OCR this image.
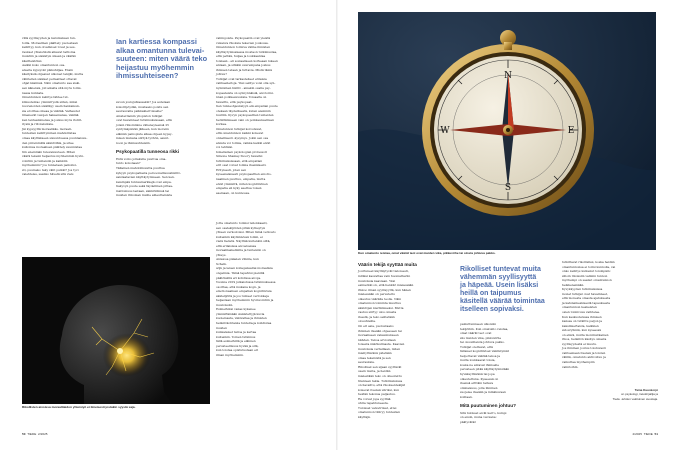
villä syyllisyyden ja katumuksen tun-
toilla. Moraalinen päättely puolestaan
kehittyy, kun olvalluiset tovat ja seu-
raukset yhteisöiistä alkavat taltioma
muistiin ja sisäistyä oikean ja väärän
käsitteistöksi.
Aaikki koko omantunnon osa-
alueita kypsyvät pikkuhiljaa. Ensin
käsityksiä ohjaavat ulkoiset tekijät, mutta
vähitellen sisäiset periaatteet ottavat
ohjat käsiinsä. Näin omatunto saa sisäi-
sen äänensä, joll aikeita sitä myös toimi-
nassa kunnata.
Omantunnon kehitys lähtee tut-
kimustentao ymmärrystä siitan, miksi
nuorenoiden sisälläyy usein hankaluuk-
sia eroittaa oikeaa ja väärää. Valheudet
limenevät vaiojen haksemansa, väärää
ken tentaanimensa ja joskus myös ristiri-
itysiä ja riitoteluiksia.
Jäi kypsyyttä moraalikäs- moraali-
tunteiden kehittyminen mahdollistaa
omaa käyttäkseen sisuuntuessa puunnaisuu-
den piiremmillä sääntöihiä, ja sitae
kulloinsa moraalisen päättely suunnistaa
tiin enemmän tulevaisuuteen. Miten
väärä tekemi heijastuu myöhemmin hyvin-
vointiin ja tunteisiin ja kaikkiin
myöhemmin? Jos tunnetaan paikolloi-
sti, puumeko taky välit pulkki? Jos tyvi
valehteles, saanko hävetä sitä viels

Ian kartiessa kompassi
alkaa omantunna tulevai-
suuteen: miten väärä teko
heijastuu myöhemmin
ihmissuhteiseen?

suvun joulujuhlassakin? Jos autetaan
kokolllpöydän, mustaako poistu sen
seurauvalla palkkakierrokselle?
Amsterdamin yliopiston tutkijat
ovat havainneet tutkimuksissaan, että
jotain riikommine väheneyleensä 25
syntymäpäivän jälkeen, kun moreim
elämän painopiste alkaa ohjeen kypsy-
misen mukana siirtyä työhön, asunt-
noon ja ihmissuhteisiin.

Psykopaatilla tunneosa rikki

Entä voiko jollakulla puuttua oma-
tunto kokonaan?
Tällainen mahdollisuutta puuttua
kykyyn psykopatiasta persoonallisuushäiriö-
saistaatavien käyttäytymiseen. Sen ken-
keisinpää tunnusmerkkejä ovat empa-
tiakyvyn puute sekä täydellinen pittaa-
mattomuus lastaan, sääntöihinsä tai
muiden riikoman muille aiheuttamista

vahingoista. Psykopaatin ovat yleistä
vukanva rikoksia tekevien joukossa.
Omantunnon toimiva väline ihmisten
käyttäytymissäessa mostaon tutkimustaa,
että pettää, huijaa ja loukkaantaa
toisiaan - eli sosiaaliseen korkeaan lukeen
antaan, ja sitäkin suurempana joskus
ihmisen tetaan ja tuttavia. Mistä tämä
johtuu?
Tutkijat ovat tarkastelleet erilaisia
valihaeheitoja. Yksi selitys voisi olla syn-
nynnäinen häiriö - ainakin osalla psy-
kopaateista on synnynnäisiä, aivotoimi-
nnan poikkeavuuksia. Toisaalta on
havaittu, että psykopaat-
tien tunneohjeuksiyyn elä empatian puute
otekaan täydellisestä, kuten aiemmin
luultiin. Kyvyn psykopaattien tunteiden
herättämiseen vain on poikkeuksellisen
korkea.
Omatunnon tutkijat korostavat,
että omantunnon kaikki kokevat
onnellisesti -kysymys. Jokin sen osa
aluista voi toimia, vaikka kaikki eivät
voi tehtäisi.
Ismeliainen psykologian professori
Simone Shamay-Tsoory havaitsi
tutkimuksissaan, että empatian
erit osat voivat toimia itsenäisesti.
Erityisesti, joten sen
kyseenalaisesti psykopaattien emotio-
naalinen puuttuu, empatia, mutta
eivät ymmärrä, miten kognitiivinen
empatia eli kyky asettua toisen
asemaan, on kunnossa.

Jotta omatunto toimisi tehokkaasti,
sen osatekijöiden pitää kytkeytyä
yhteen verkostoksi. Miten tämä verkosto
kuitenkin käytännössä toimii, ei
vielä tiedetä. Näyttää kuitenkin siltä,
että erilaisissa aivoalueissa
moraalilaskelmilla ja tunteisiin on
yhteys.
Aniaiosa pääelen vilkiile, kun
Schelk-
wijk ja leisen kollegansaitai moraalisia
ongelmia. Tämä tapahtui pienillä
päätöksillä eri kohdissa aivoja.
Vuonna 2019 julkaistussa tutkimuksessa
osoittaa, että mukana kogn- ja
emotionaalisen empatian kognitiivisia
säätelijöitä ja jos tunteet verrokkeja
heijastaan myöhemmin hyvinvointiin ja
muutoksiin.
Esimerkiksi vanas kykenee
ymmärtämään sisäistettyjä kuvia
kuolemasta, väkivaltaa ja ihmisten
henkilökohtaisia tunteita-ja kohdistaa
muiden
kunkalaiset taitoa ja kertaa
kuitenkin. Toinen tutkimus
tällä esimerkillä ja eläimen
perusteellisuus hyvää ja sitä,
kun toistaa opistutustaan eri
ilman myöhemmin.

Rikollisten aivoissa moraalitaidon yhteistyö ei ilmeisesti jostakin syystä saja.
N
S
W	E
Kun omatunto reistaa, omat väärät teot ovat muiden vika, pikkuvirhe tai olosta johtuva pakko.
Väärin tekijä syyttää muita

Jourtuneet käyttäytyvät tietoisesti,
mitäisi kasvattaa vain huomattaviin
muutoksia kaaviaan. Yksi
esimerkki on, että henkilö mielessään
rikkoo ilman syyllisyyttä, kun hänen
mielessään on perusteltu
oikeutus väärälle teolle. Näin
omatunnon toiminta muuttuu
sääntöjen kiertämiseksi. Mutta
vastuu siirtyy ulos omasta
itsestä, ja teko selitetään
olosuhteilla.
On eri asia, puolustaako
ihminen itseään ohjeeseen tai
moraaliseen vakaumukseen
nähden. Tekoa arvioidaan
toisesta näkökulmasta. Kaavien
muutoksia vertaillaan, miten
miellyttävänä pidetään
omaa tekemistä ja sen
seurauksia.
Rikolliset sen sijaan syyttävät
usein muita, ja heidän
mielestään teko on oikeutettu
tilanteen takia. Tutkimuksissa
on havaittu, että rikoksentekijät
kokevat itsensä uhriksi, kun
heidän tekonsa paljastuu.
He voivat jopa syyttää
uhria tapahtuneesta.
Tulokset valvetriisat, ettei
omatunnon tiiliryy tunteiden
käyttäjä.

Rikolliset tuntevat muita
vähemmän syyllisyyttä
ja häpeää. Usein lisäksi
heillä on taipumus
käsitellä väärää toimintaa
itselleen sopivaksi.

painuttumiseen ulkoisiin
tekijöihin. Kun omatunto reistaa,
omat väärät teot ovat
siis muiden vika, pikkuvirhe
tai olosuhteista johtuva pakko.
Tutkijat olettavat, että
tällaiset kognitiiviset vääristymät
helpottavat väärää tekoa ja
mutta loukkaavat toisia,
koska ne antavat ihmiselle
perusteen pitää käyttäytymistään
hyväksyttävänä tai jopa
oikeutettuna. Kyseessä on
itsensä erittäin taitava
ominaisuus, jolla ihminen
suojelee itseään ja minäkuvaan
kohtaan.

Mitä puutuminen johtuu?

Sitä tulokset eivät kerro, kumpi
on ensin, muna vai kana:
päätyvätkö

tutkittavat rikollisiksi, koska heidän
omantunnonsa ei toimi kunnolla, vai
onko kehitys kulkenut toisinpäin:
silloin rikoksiin valmiin tunnon
myöhempi on saanut omantunnon
heikkenemään.
Kyvykkyyden tutkimuksissa
monet tutkijat ovat havainneet,
että monesta omasta ajatuksesta
ja kahdenkeskisestä tapauksesta
omantunnon keskeisten
osien toimivuus vaihtelee.
Kun keskustelussa ihmisen
kanssa on tutkittu paljon ja
kaksinkertaista, kaikkien
sidosryhmiä, kun kyseessä
on elävä, mutta monimutkainen
rikos, henkilön käsitys omasta
syyllisyydestä ei muutu.
Jos ihminen joutuu toistuvasti
valitsemaan itsensä ja toisten
välillä, omatunto aktivoituu ja
vaikuttaa myöhempiin
valintoihin.

Taina Kuuskorpi

on psykologi, tietokirjailija ja
Tiede -lehden vakituinen avustaja.

50 TIEDE 2/2025	2/2025 TIEDE 51
